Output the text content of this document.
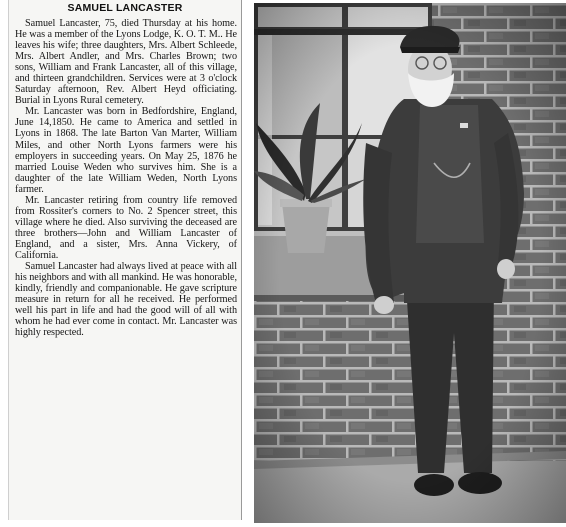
SAMUEL LANCASTER

Samuel Lancaster, 75, died Thursday at his home. He was a member of the Lyons Lodge, K. O. T. M.. He leaves his wife; three daughters, Mrs. Albert Schleede, Mrs. Albert Andler, and Mrs. Charles Brown; two sons, William and Frank Lancaster, all of this village, and thirteen grandchildren. Services were at 3 o'clock Saturday afternoon, Rev. Albert Heyd officiating. Burial in Lyons Rural cemetery.

Mr. Lancaster was born in Bedfordshire, England, June 14,1850. He came to America and settled in Lyons in 1868. The late Barton Van Marter, William Miles, and other North Lyons farmers were his employers in succeeding years. On May 25, 1876 he married Louise Weden who survives him. She is a daughter of the late William Weden, North Lyons farmer.

Mr. Lancaster retiring from country life removed from Rossiter's corners to No. 2 Spencer street, this village where he died. Also surviving the deceased are three brothers—John and William Lancaster of England, and a sister, Mrs. Anna Vickery, of California.

Samuel Lancaster had always lived at peace with all his neighbors and with all mankind. He was honorable, kindly, friendly and companionable. He gave scripture measure in return for all he received. He performed well his part in life and had the good will of all with whom he had ever come in contact. Mr. Lancaster was highly respected.
